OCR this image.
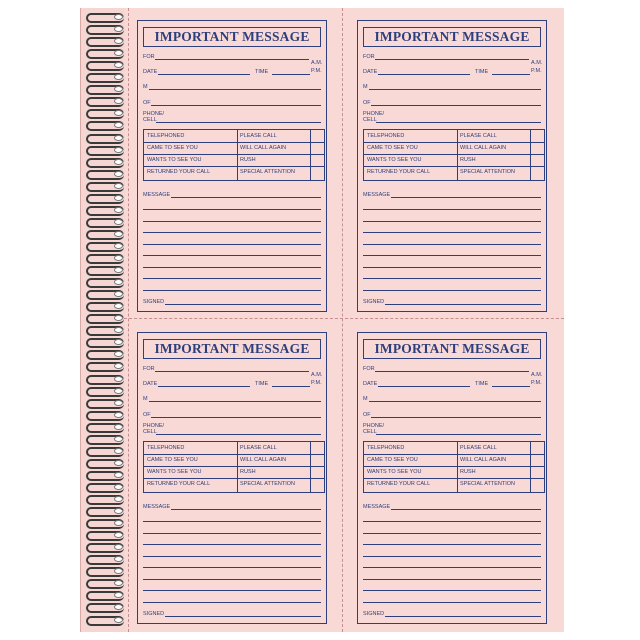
IMPORTANT MESSAGE
FOR
A.M.
DATE	TIME	P.M.
M
OF
PHONE/
CELL
TELEPHONED	PLEASE CALL
CAME TO SEE YOU	WILL CALL AGAIN
WANTS TO SEE YOU	RUSH
RETURNED YOUR CALL	SPECIAL ATTENTION
MESSAGE
SIGNED
IMPORTANT MESSAGE
FOR
A.M.
DATE	TIME	P.M.
M
OF
PHONE/
CELL
TELEPHONED	PLEASE CALL
CAME TO SEE YOU	WILL CALL AGAIN
WANTS TO SEE YOU	RUSH
RETURNED YOUR CALL	SPECIAL ATTENTION
MESSAGE
SIGNED
IMPORTANT MESSAGE
FOR
A.M.
DATE	TIME	P.M.
M
OF
PHONE/
CELL
TELEPHONED	PLEASE CALL
CAME TO SEE YOU	WILL CALL AGAIN
WANTS TO SEE YOU	RUSH
RETURNED YOUR CALL	SPECIAL ATTENTION
MESSAGE
SIGNED
IMPORTANT MESSAGE
FOR
A.M.
DATE	TIME	P.M.
M
OF
PHONE/
CELL
TELEPHONED	PLEASE CALL
CAME TO SEE YOU	WILL CALL AGAIN
WANTS TO SEE YOU	RUSH
RETURNED YOUR CALL	SPECIAL ATTENTION
MESSAGE
SIGNED
